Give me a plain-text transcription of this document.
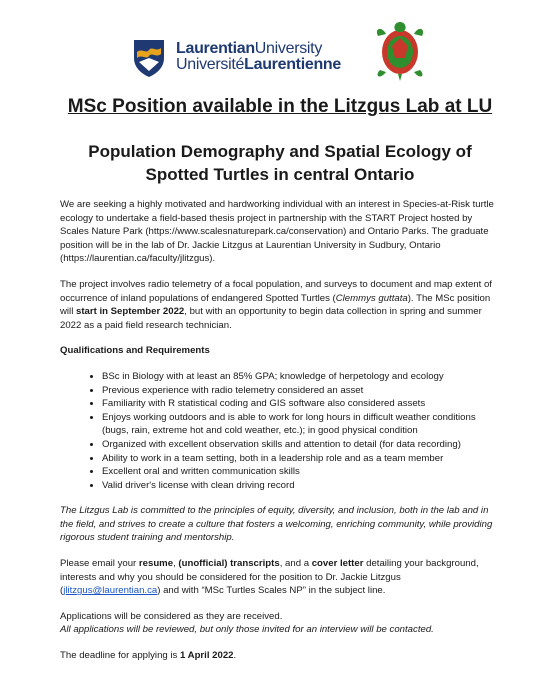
LaurentianUniversity
UniversitéLaurentienne
MSc Position available in the Litzgus Lab at LU
Population Demography and Spatial Ecology of
Spotted Turtles in central Ontario

We are seeking a highly motivated and hardworking individual with an interest in Species-at-Risk turtle ecology to undertake a field-based thesis project in partnership with the START Project hosted by Scales Nature Park (https://www.scalesnaturepark.ca/conservation) and Ontario Parks. The graduate position will be in the lab of Dr. Jackie Litzgus at Laurentian University in Sudbury, Ontario (https://laurentian.ca/faculty/jlitzgus).

The project involves radio telemetry of a focal population, and surveys to document and map extent of occurrence of inland populations of endangered Spotted Turtles (Clemmys guttata). The MSc position will start in September 2022, but with an opportunity to begin data collection in spring and summer 2022 as a paid field research technician.

Qualifications and Requirements

• BSc in Biology with at least an 85% GPA; knowledge of herpetology and ecology
• Previous experience with radio telemetry considered an asset
• Familiarity with R statistical coding and GIS software also considered assets
• Enjoys working outdoors and is able to work for long hours in difficult weather conditions (bugs, rain, extreme hot and cold weather, etc.); in good physical condition
• Organized with excellent observation skills and attention to detail (for data recording)
• Ability to work in a team setting, both in a leadership role and as a team member
• Excellent oral and written communication skills
• Valid driver's license with clean driving record

The Litzgus Lab is committed to the principles of equity, diversity, and inclusion, both in the lab and in the field, and strives to create a culture that fosters a welcoming, enriching community, while providing rigorous student training and mentorship.

Please email your resume, (unofficial) transcripts, and a cover letter detailing your background, interests and why you should be considered for the position to Dr. Jackie Litzgus (jlitzgus@laurentian.ca) and with “MSc Turtles Scales NP” in the subject line.

Applications will be considered as they are received.

All applications will be reviewed, but only those invited for an interview will be contacted.

The deadline for applying is 1 April 2022.
